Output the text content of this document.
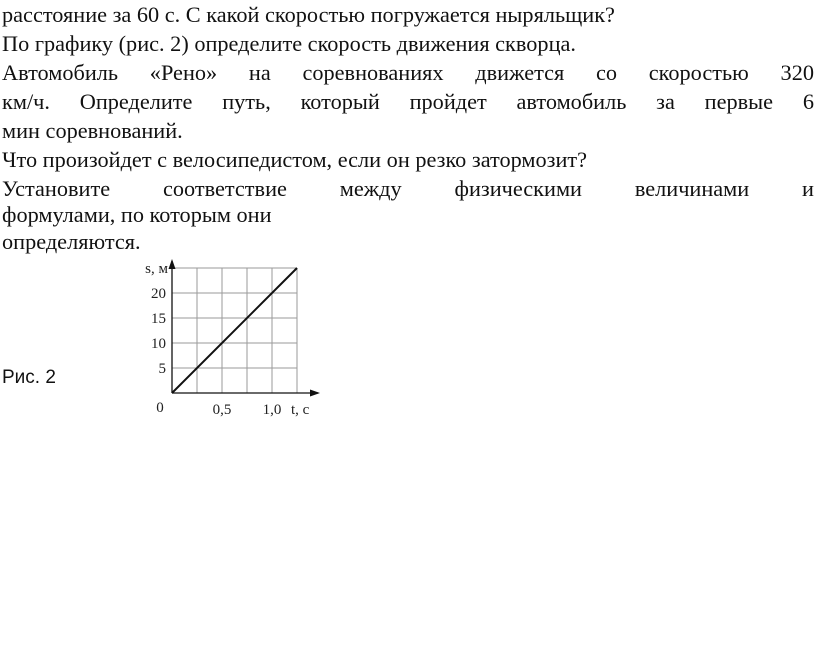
расстояние за 60 с. С какой скоростью погружается ныряльщик?
По графику (рис. 2) определите скорость движения скворца.
Автомобиль «Рено» на соревнованиях движется со скоростью 320
км/ч. Определите путь, который пройдет автомобиль за первые 6
мин соревнований.
Что произойдет с велосипедистом, если он резко затормозит?
Установите соответствие между физическими величинами и
формулами, по которым они
определяются.
Рис. 2	5
10
15
20
0,5 1,0
0
s, м
t, c
